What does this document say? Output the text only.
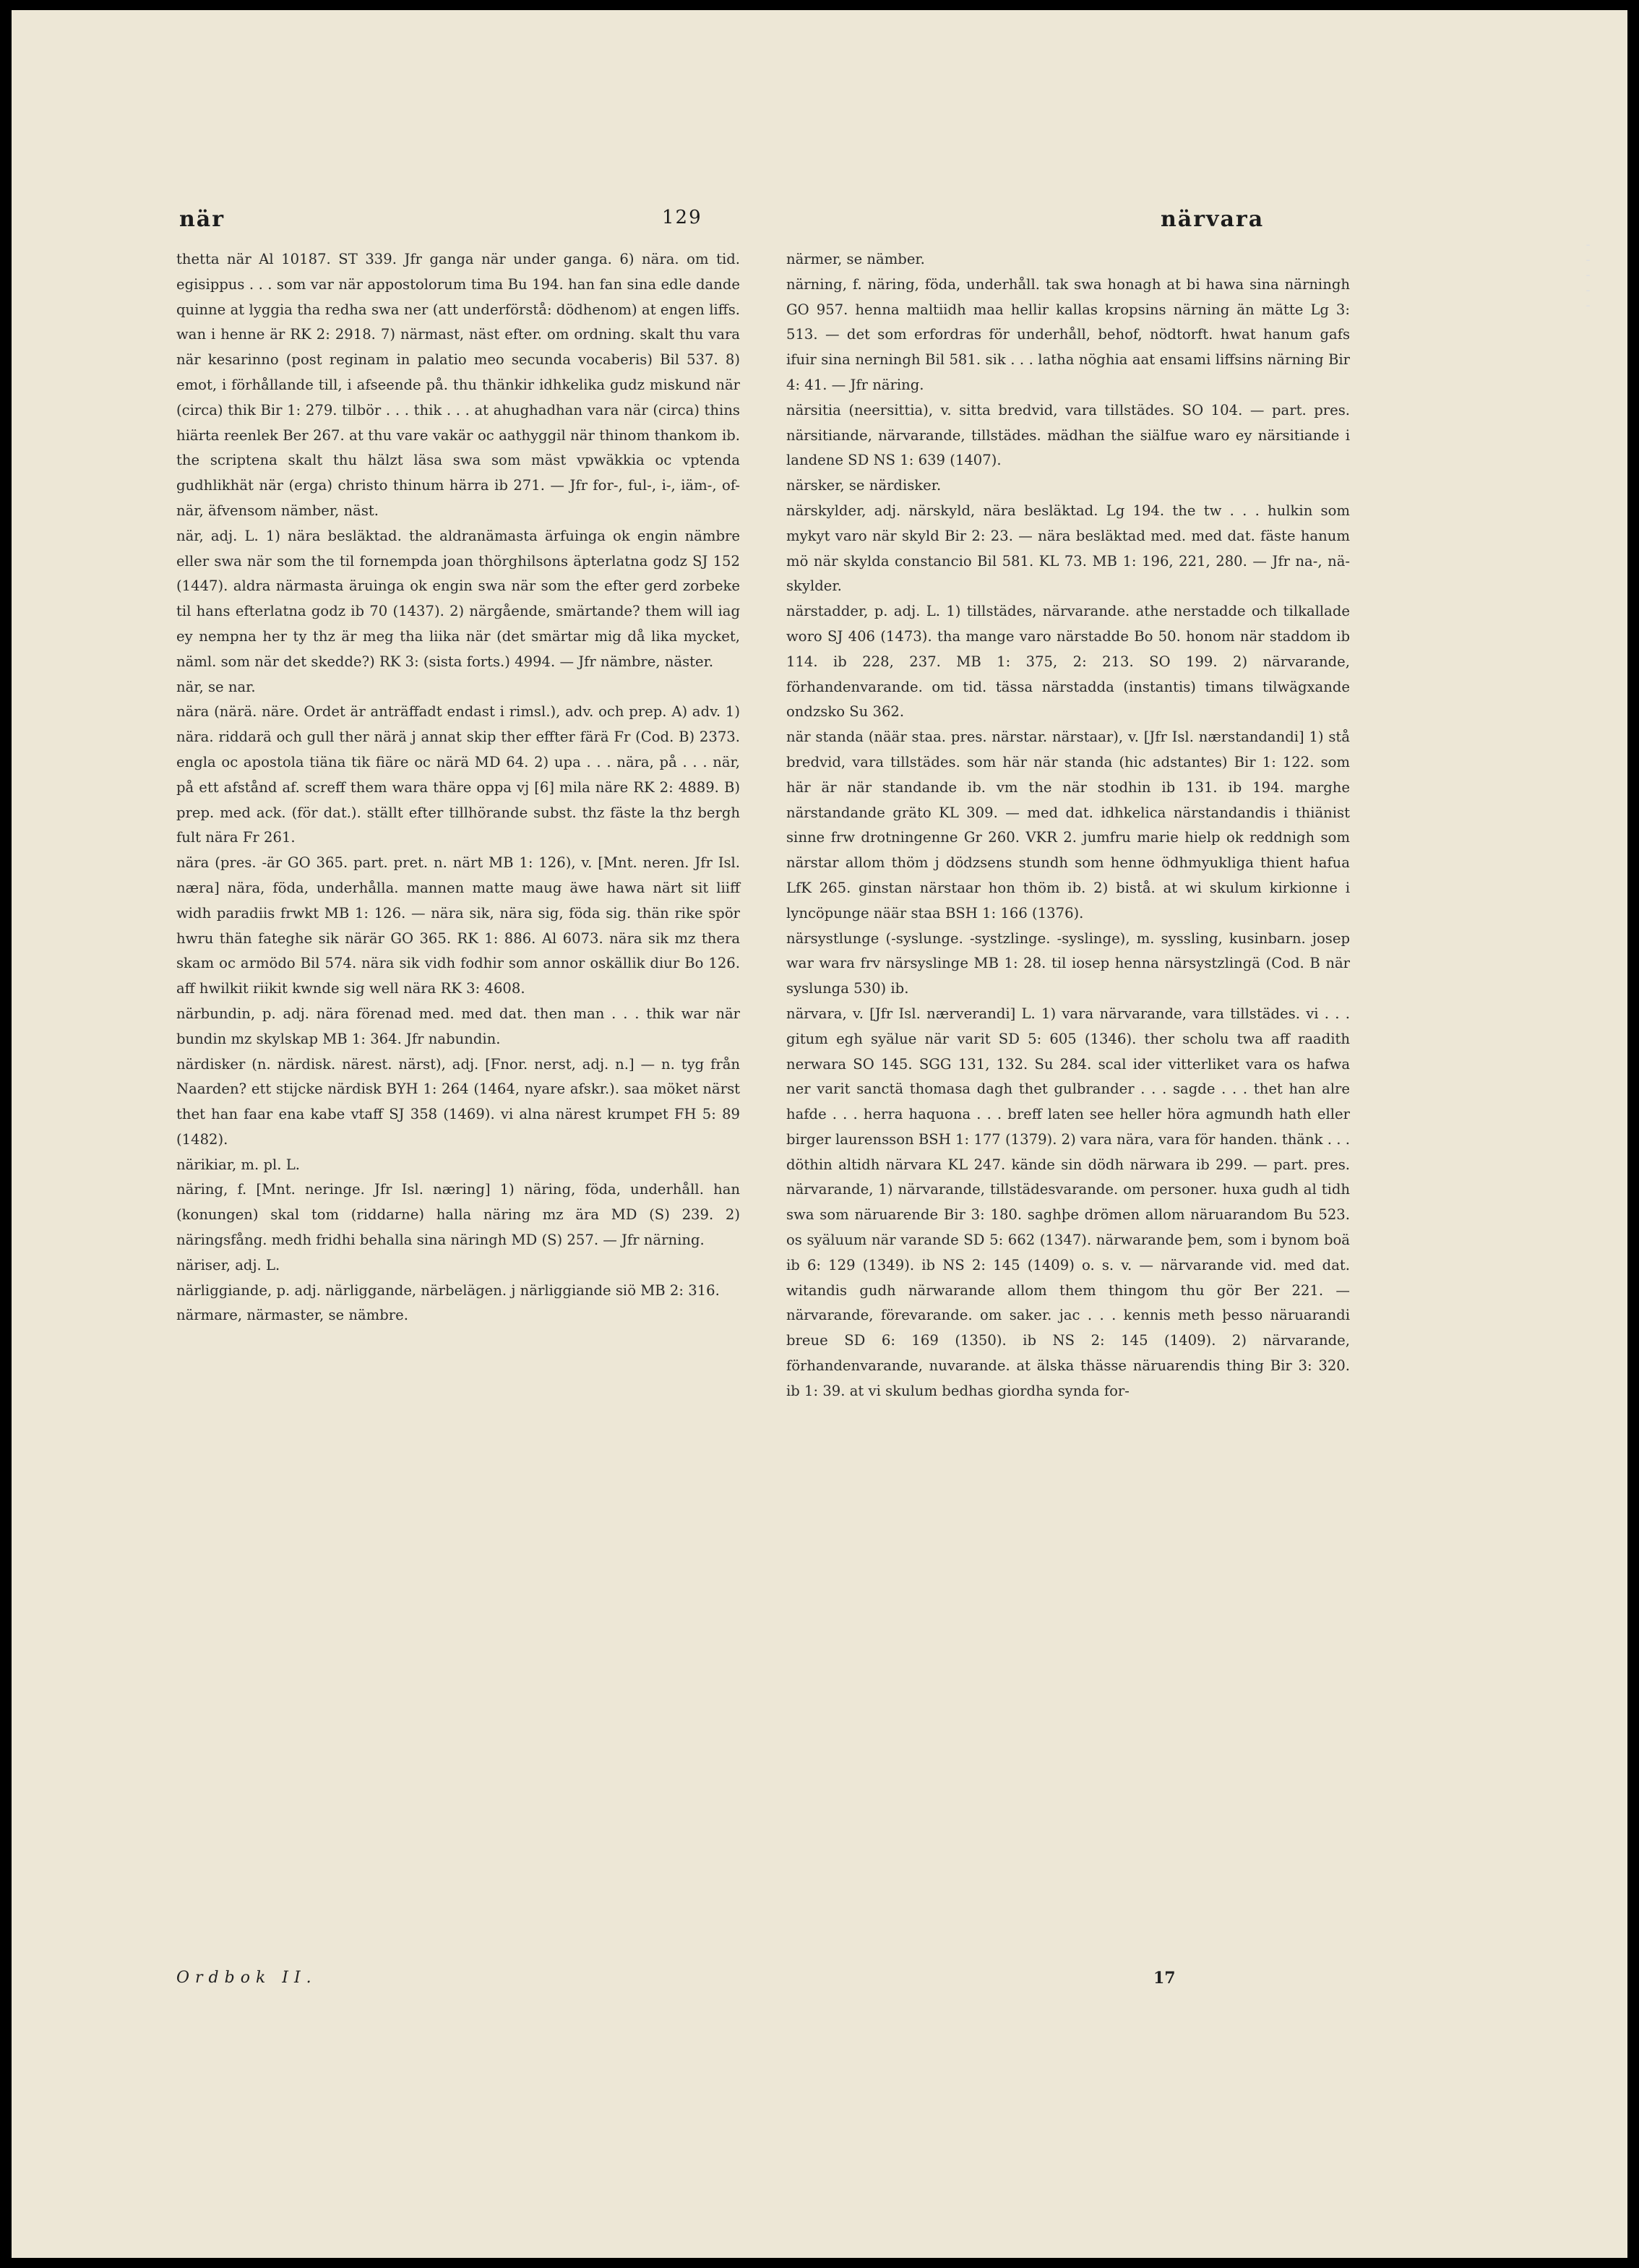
- - - - -
när	129	närvara

thetta när Al 10187. ST 339. Jfr ganga när under ganga. 6) nära. om tid. egisippus . . . som var när appostolorum tima Bu 194. han fan sina edle dande quinne at lyggia tha redha swa ner (att underförstå: dödhenom) at engen liffs. wan i henne är RK 2: 2918. 7) närmast, näst efter. om ordning. skalt thu vara när kesarinno (post reginam in palatio meo secunda vocaberis) Bil 537. 8) emot, i förhållande till, i afseende på. thu thänkir idhkelika gudz miskund när (circa) thik Bir 1: 279. tilbör . . . thik . . . at ahughadhan vara när (circa) thins hiärta reenlek Ber 267. at thu vare vakär oc aathyggil när thinom thankom ib. the scriptena skalt thu hälzt läsa swa som mäst vpwäkkia oc vptenda gudhlikhät när (erga) christo thinum härra ib 271. — Jfr for-, ful-, i-, iäm-, of-när, äfvensom nämber, näst.

när, adj. L. 1) nära besläktad. the aldranämasta ärfuinga ok engin nämbre eller swa när som the til fornempda joan thörghilsons äpterlatna godz SJ 152 (1447). aldra närmasta äruinga ok engin swa när som the efter gerd zorbeke til hans efterlatna godz ib 70 (1437). 2) närgående, smärtande? them will iag ey nempna her ty thz är meg tha liika när (det smärtar mig då lika mycket, näml. som när det skedde?) RK 3: (sista forts.) 4994. — Jfr nämbre, näster.

när, se nar.

nära (närä. näre. Ordet är anträffadt endast i rimsl.), adv. och prep. A) adv. 1) nära. riddarä och gull ther närä j annat skip ther effter färä Fr (Cod. B) 2373. engla oc apostola tiäna tik fiäre oc närä MD 64. 2) upa . . . nära, på . . . när, på ett afstånd af. screff them wara thäre oppa vj [6] mila näre RK 2: 4889. B) prep. med ack. (för dat.). ställt efter tillhörande subst. thz fäste la thz bergh fult nära Fr 261.

nära (pres. -är GO 365. part. pret. n. närt MB 1: 126), v. [Mnt. neren. Jfr Isl. næra] nära, föda, underhålla. mannen matte maug äwe hawa närt sit liiff widh paradiis frwkt MB 1: 126. — nära sik, nära sig, föda sig. thän rike spör hwru thän fateghe sik närär GO 365. RK 1: 886. Al 6073. nära sik mz thera skam oc armödo Bil 574. nära sik vidh fodhir som annor oskällik diur Bo 126. aff hwilkit riikit kwnde sig well nära RK 3: 4608.

närbundin, p. adj. nära förenad med. med dat. then man . . . thik war när bundin mz skylskap MB 1: 364. Jfr nabundin.

närdisker (n. närdisk. närest. närst), adj. [Fnor. nerst, adj. n.] — n. tyg från Naarden? ett stijcke närdisk BYH 1: 264 (1464, nyare afskr.). saa möket närst thet han faar ena kabe vtaff SJ 358 (1469). vi alna närest krumpet FH 5: 89 (1482).

närikiar, m. pl. L.

näring, f. [Mnt. neringe. Jfr Isl. næring] 1) näring, föda, underhåll. han (konungen) skal tom (riddarne) halla näring mz ära MD (S) 239. 2) näringsfång. medh fridhi behalla sina näringh MD (S) 257. — Jfr närning.

näriser, adj. L.

närliggiande, p. adj. närliggande, närbelägen. j närliggiande siö MB 2: 316.

närmare, närmaster, se nämbre.

närmer, se nämber.

närning, f. näring, föda, underhåll. tak swa honagh at bi hawa sina närningh GO 957. henna maltiidh maa hellir kallas kropsins närning än mätte Lg 3: 513. — det som erfordras för underhåll, behof, nödtorft. hwat hanum gafs ifuir sina nerningh Bil 581. sik . . . latha nöghia aat ensami liffsins närning Bir 4: 41. — Jfr näring.

närsitia (neersittia), v. sitta bredvid, vara tillstädes. SO 104. — part. pres. närsitiande, närvarande, tillstädes. mädhan the siälfue waro ey närsitiande i landene SD NS 1: 639 (1407).

närsker, se närdisker.

närskylder, adj. närskyld, nära besläktad. Lg 194. the tw . . . hulkin som mykyt varo när skyld Bir 2: 23. — nära besläktad med. med dat. fäste hanum mö när skylda constancio Bil 581. KL 73. MB 1: 196, 221, 280. — Jfr na-, nä-skylder.

närstadder, p. adj. L. 1) tillstädes, närvarande. athe nerstadde och tilkallade woro SJ 406 (1473). tha mange varo närstadde Bo 50. honom när staddom ib 114. ib 228, 237. MB 1: 375, 2: 213. SO 199. 2) närvarande, förhandenvarande. om tid. tässa närstadda (instantis) timans tilwägxande ondzsko Su 362.

när standa (näär staa. pres. närstar. närstaar), v. [Jfr Isl. nærstandandi] 1) stå bredvid, vara tillstädes. som här när standa (hic adstantes) Bir 1: 122. som här är när standande ib. vm the när stodhin ib 131. ib 194. marghe närstandande gräto KL 309. — med dat. idhkelica närstandandis i thiänist sinne frw drotningenne Gr 260. VKR 2. jumfru marie hielp ok reddnigh som närstar allom thöm j dödzsens stundh som henne ödhmyukliga thient hafua LfK 265. ginstan närstaar hon thöm ib. 2) bistå. at wi skulum kirkionne i lyncöpunge näär staa BSH 1: 166 (1376).

närsystlunge (-syslunge. -systzlinge. -syslinge), m. syssling, kusinbarn. josep war wara frv närsyslinge MB 1: 28. til iosep henna närsystzlingä (Cod. B när syslunga 530) ib.

närvara, v. [Jfr Isl. nærverandi] L. 1) vara närvarande, vara tillstädes. vi . . . gitum egh syälue när varit SD 5: 605 (1346). ther scholu twa aff raadith nerwara SO 145. SGG 131, 132. Su 284. scal ider vitterliket vara os hafwa ner varit sanctä thomasa dagh thet gulbrander . . . sagde . . . thet han alre hafde . . . herra haquona . . . breff laten see heller höra agmundh hath eller birger laurensson BSH 1: 177 (1379). 2) vara nära, vara för handen. thänk . . . döthin altidh närvara KL 247. kände sin dödh närwara ib 299. — part. pres. närvarande, 1) närvarande, tillstädesvarande. om personer. huxa gudh al tidh swa som näruarende Bir 3: 180. saghþe drömen allom näruarandom Bu 523. os syäluum när varande SD 5: 662 (1347). närwarande þem, som i bynom boä ib 6: 129 (1349). ib NS 2: 145 (1409) o. s. v. — närvarande vid. med dat. witandis gudh närwarande allom them thingom thu gör Ber 221. — närvarande, förevarande. om saker. jac . . . kennis meth þesso näruarandi breue SD 6: 169 (1350). ib NS 2: 145 (1409). 2) närvarande, förhandenvarande, nuvarande. at älska thässe näruarendis thing Bir 3: 320. ib 1: 39. at vi skulum bedhas giordha synda for-

Ordbok II.	17
